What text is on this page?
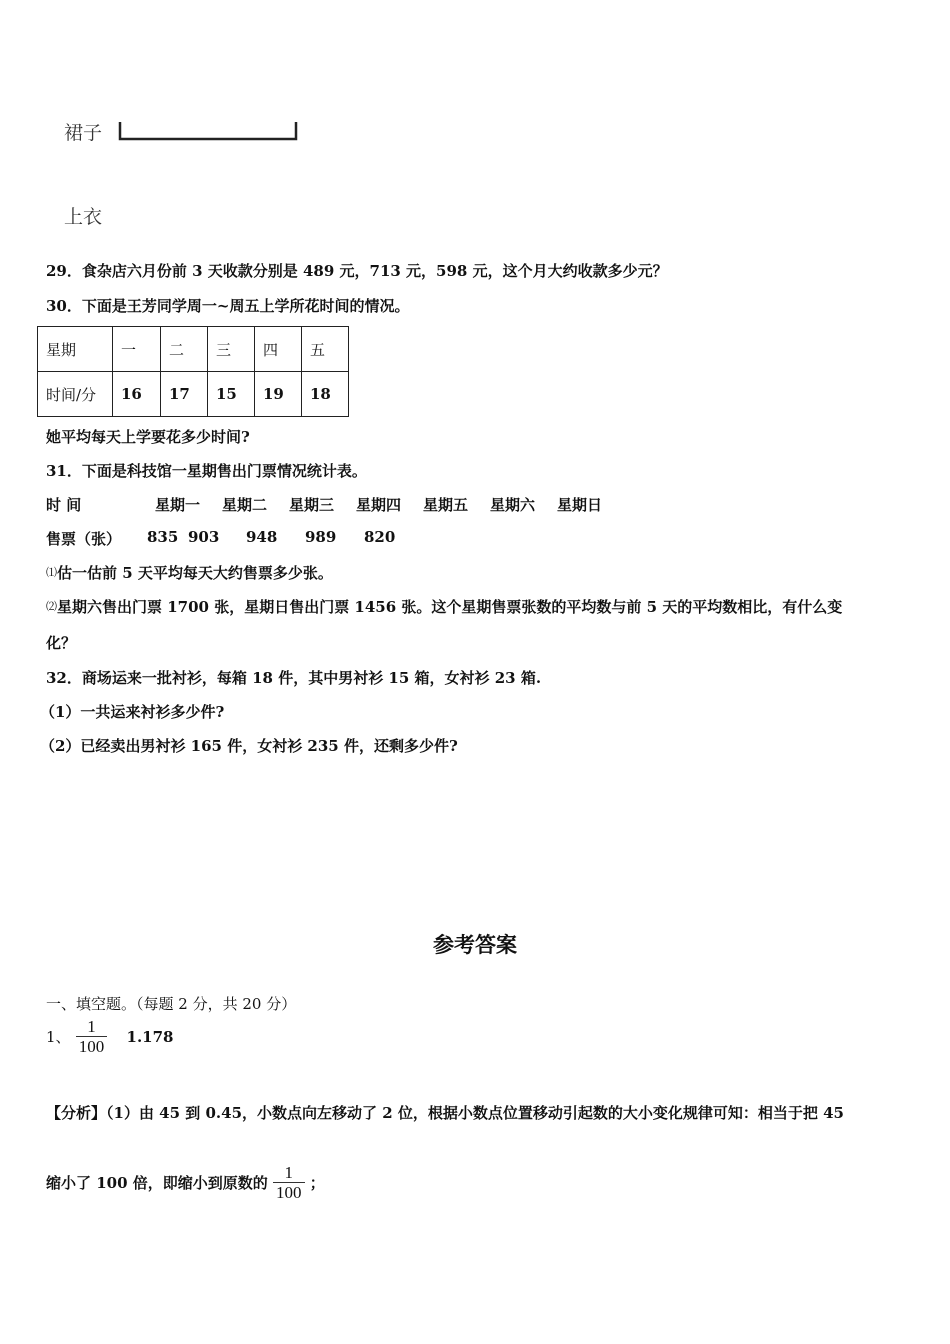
裙子
上衣
29．食杂店六月份前 3 天收款分别是 489 元，713 元，598 元，这个月大约收款多少元？
30．下面是王芳同学周一~周五上学所花时间的情况。
星期	一	二	三	四	五
时间/分	16	17	15	19	18
她平均每天上学要花多少时间?
31．下面是科技馆一星期售出门票情况统计表。
时 间	星期一 星期二 星期三 星期四 星期五 星期六 星期日
售票（张） 835 903 948 989 820
⑴估一估前 5 天平均每天大约售票多少张。
⑵星期六售出门票 1700 张，星期日售出门票 1456 张。这个星期售票张数的平均数与前 5 天的平均数相比，有什么变
化？
32．商场运来一批衬衫，每箱 18 件，其中男衬衫 15 箱，女衬衫 23 箱.
（1）一共运来衬衫多少件?
（2）已经卖出男衬衫 165 件，女衬衫 235 件，还剩多少件?
参考答案
一、填空题。（每题 2 分，共 20 分）
1、 $\frac{1}{100} 1.178$
【分析】（1）由 45 到 0.45，小数点向左移动了 2 位，根据小数点位置移动引起数的大小变化规律可知：相当于把 45
缩小了 100 倍，即缩小到原数的 $\frac{1}{100}$ ；
